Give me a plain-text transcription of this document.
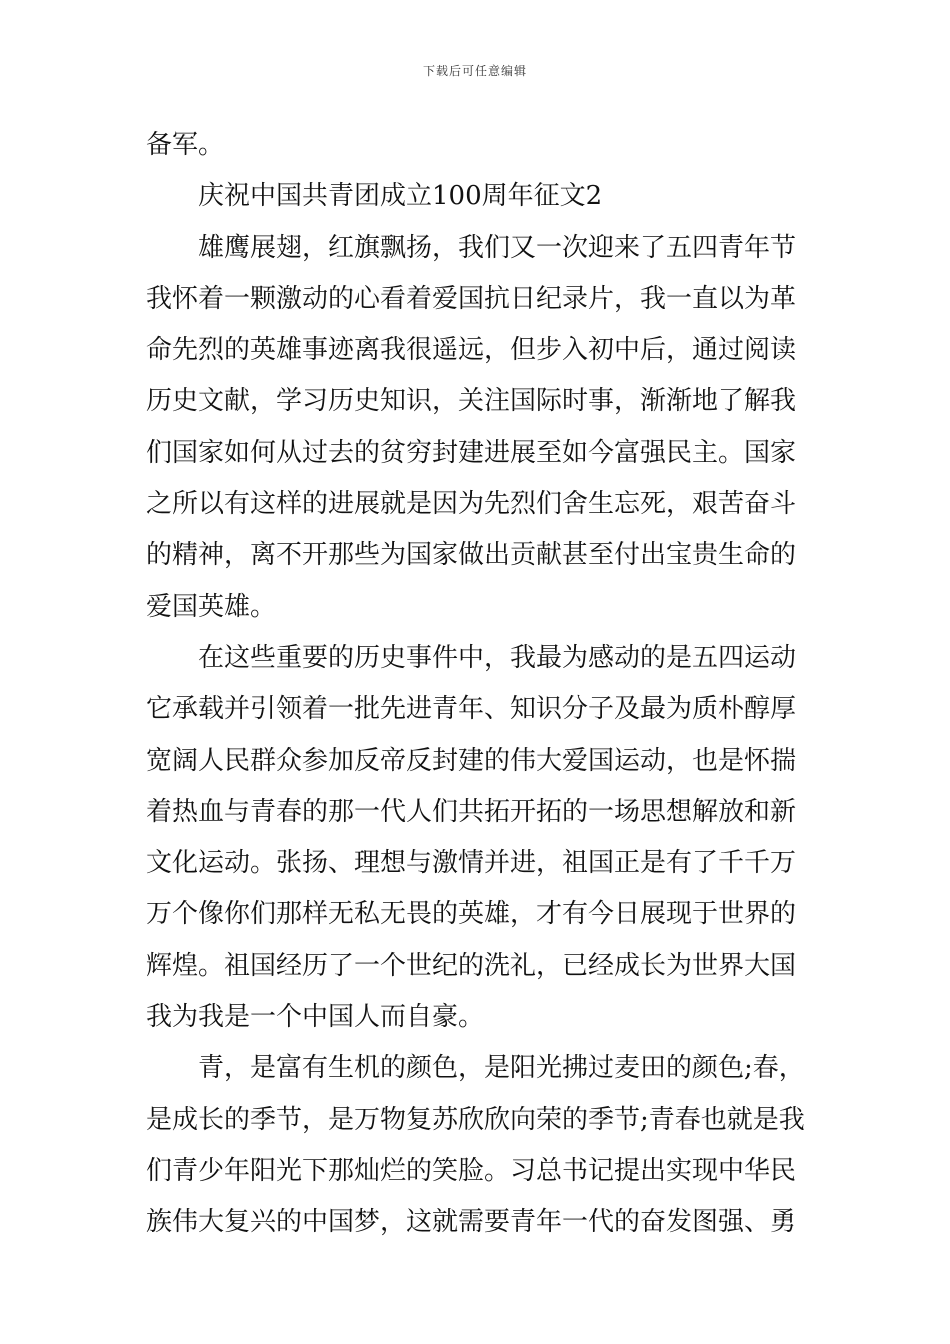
下载后可任意编辑
备军。
庆祝中国共青团成立100周年征文2
雄鹰展翅，红旗飘扬，我们又一次迎来了五四青年节
我怀着一颗激动的心看着爱国抗日纪录片，我一直以为革
命先烈的英雄事迹离我很遥远，但步入初中后，通过阅读
历史文献，学习历史知识，关注国际时事，渐渐地了解我
们国家如何从过去的贫穷封建进展至如今富强民主。国家
之所以有这样的进展就是因为先烈们舍生忘死，艰苦奋斗
的精神，离不开那些为国家做出贡献甚至付出宝贵生命的
爱国英雄。
在这些重要的历史事件中，我最为感动的是五四运动
它承载并引领着一批先进青年、知识分子及最为质朴醇厚
宽阔人民群众参加反帝反封建的伟大爱国运动，也是怀揣
着热血与青春的那一代人们共拓开拓的一场思想解放和新
文化运动。张扬、理想与激情并进，祖国正是有了千千万
万个像你们那样无私无畏的英雄，才有今日展现于世界的
辉煌。祖国经历了一个世纪的洗礼，已经成长为世界大国
我为我是一个中国人而自豪。
青，是富有生机的颜色，是阳光拂过麦田的颜色;春，
是成长的季节，是万物复苏欣欣向荣的季节;青春也就是我
们青少年阳光下那灿烂的笑脸。习总书记提出实现中华民
族伟大复兴的中国梦，这就需要青年一代的奋发图强、勇
